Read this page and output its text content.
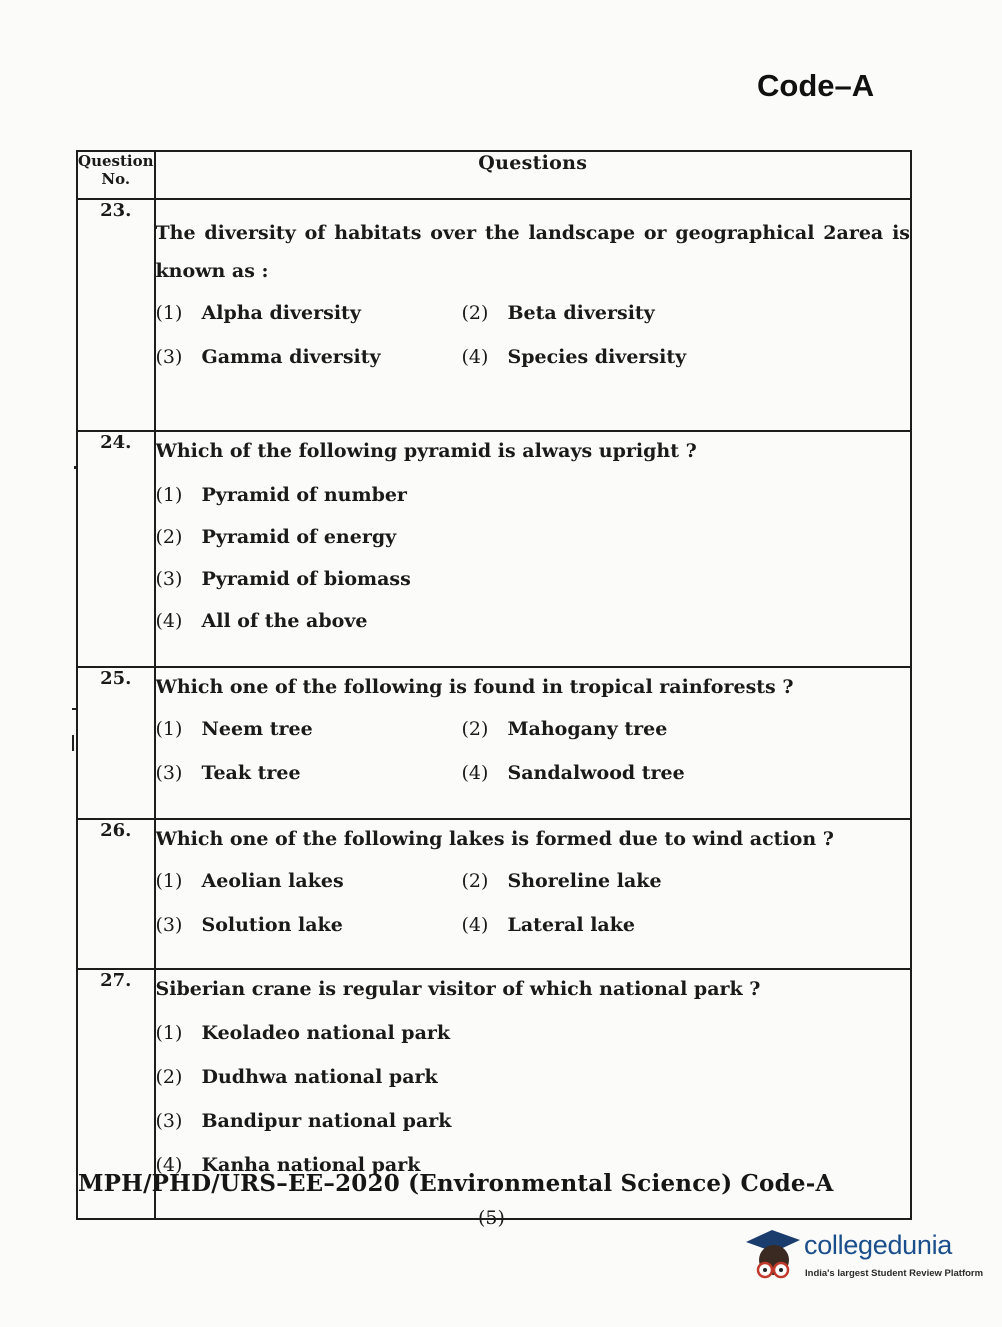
Code–A
Question No.	Questions
23.	The diversity of habitats over the landscape or geographical 2area is known as :
(1) Alpha diversity (2) Beta diversity
(3) Gamma diversity (4) Species diversity

24.	Which of the following pyramid is always upright ?
(1) Pyramid of number
(2) Pyramid of energy
(3) Pyramid of biomass
(4) All of the above

25.	Which one of the following is found in tropical rainforests ?
(1) Neem tree (2) Mahogany tree
(3) Teak tree (4) Sandalwood tree

26.	Which one of the following lakes is formed due to wind action ?
(1) Aeolian lakes (2) Shoreline lake
(3) Solution lake (4) Lateral lake

27.	Siberian crane is regular visitor of which national park ?
(1) Keoladeo national park
(2) Dudhwa national park
(3) Bandipur national park
(4) Kanha national park
MPH/PHD/URS–EE–2020 (Environmental Science) Code-A
(5)
collegedunia
India's largest Student Review Platform
